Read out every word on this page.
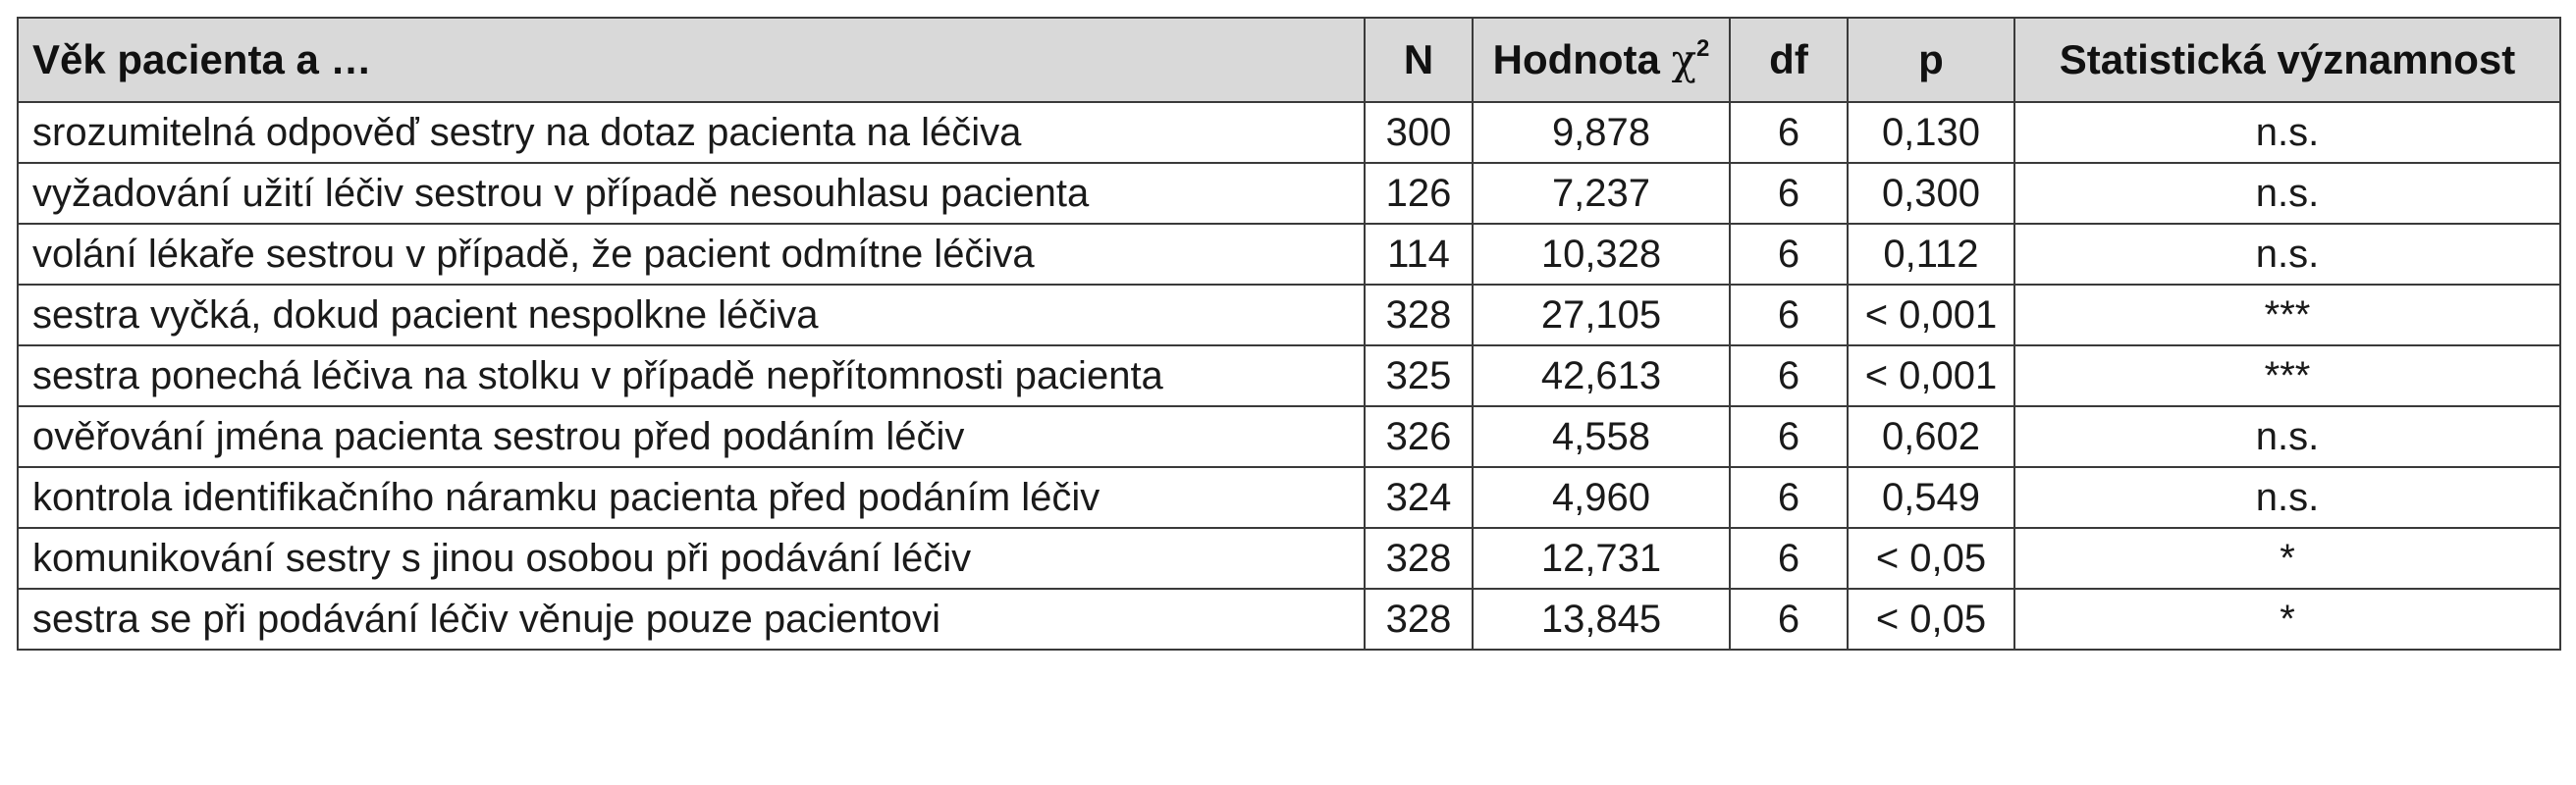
Věk pacienta a …	N	Hodnota $\chi^2$	df	p	Statistická významnost
srozumitelná odpověď sestry na dotaz pacienta na léčiva	300	9,878	6	0,130	n.s.
vyžadování užití léčiv sestrou v případě nesouhlasu pacienta	126	7,237	6	0,300	n.s.
volání lékaře sestrou v případě, že pacient odmítne léčiva	114	10,328	6	0,112	n.s.
sestra vyčká, dokud pacient nespolkne léčiva	328	27,105	6	< 0,001	***
sestra ponechá léčiva na stolku v případě nepřítomnosti pacienta	325	42,613	6	< 0,001	***
ověřování jména pacienta sestrou před podáním léčiv	326	4,558	6	0,602	n.s.
kontrola identifikačního náramku pacienta před podáním léčiv	324	4,960	6	0,549	n.s.
komunikování sestry s jinou osobou při podávání léčiv	328	12,731	6	< 0,05	*
sestra se při podávání léčiv věnuje pouze pacientovi	328	13,845	6	< 0,05	*
